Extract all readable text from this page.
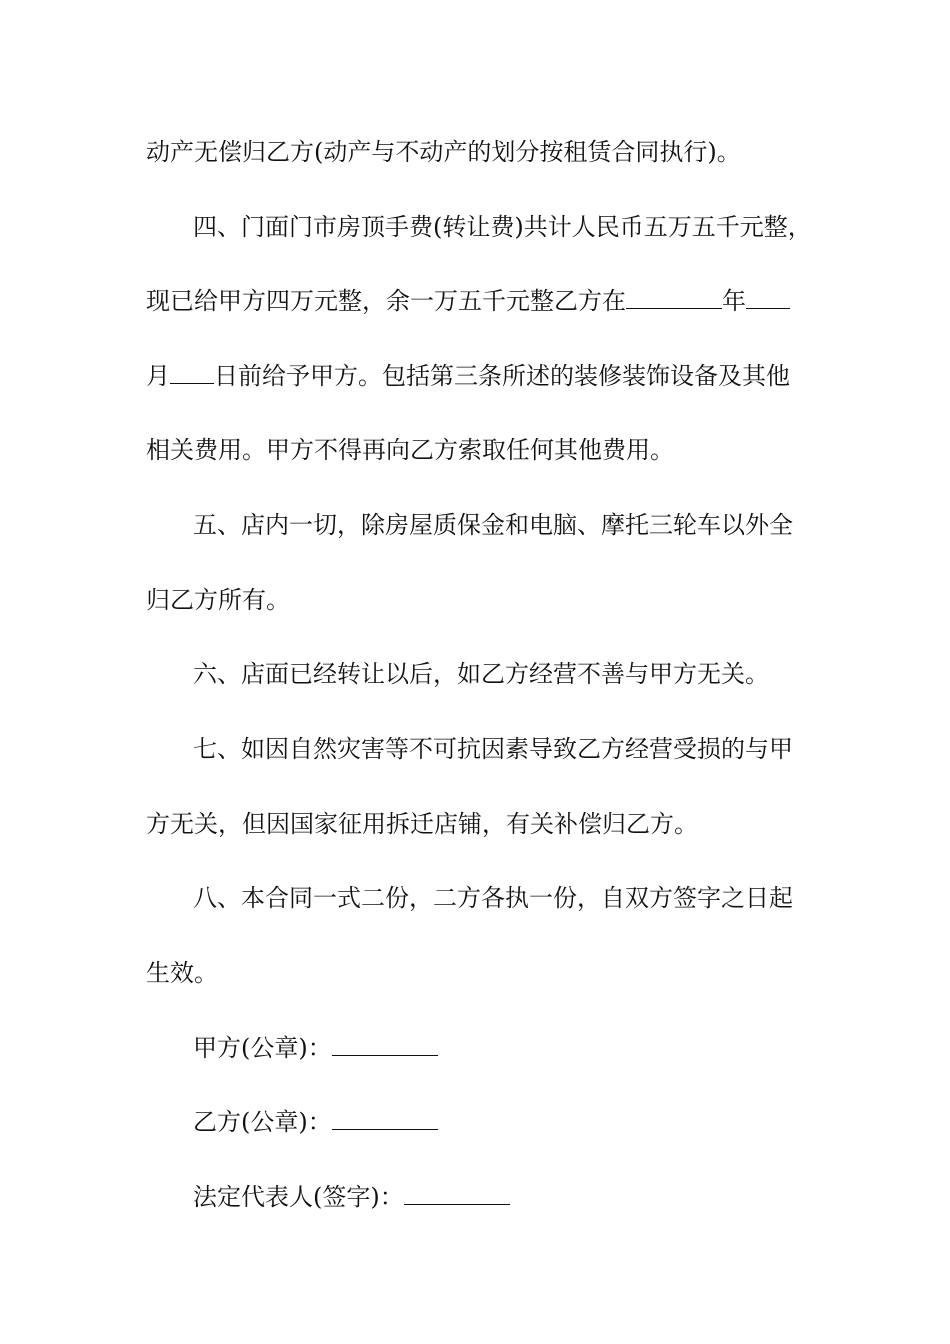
动产无偿归乙方(动产与不动产的划分按租赁合同执行)。
四、门面门市房顶手费(转让费)共计人民币五万五千元整，
现已给甲方四万元整，余一万五千元整乙方在	年
月 日前给予甲方。包括第三条所述的装修装饰设备及其他
相关费用。甲方不得再向乙方索取任何其他费用。
五、店内一切，除房屋质保金和电脑、摩托三轮车以外全
归乙方所有。
六、店面已经转让以后，如乙方经营不善与甲方无关。
七、如因自然灾害等不可抗因素导致乙方经营受损的与甲
方无关，但因国家征用拆迁店铺，有关补偿归乙方。
八、本合同一式二份，二方各执一份，自双方签字之日起
生效。
甲方(公章)：
乙方(公章)：
法定代表人(签字)：
